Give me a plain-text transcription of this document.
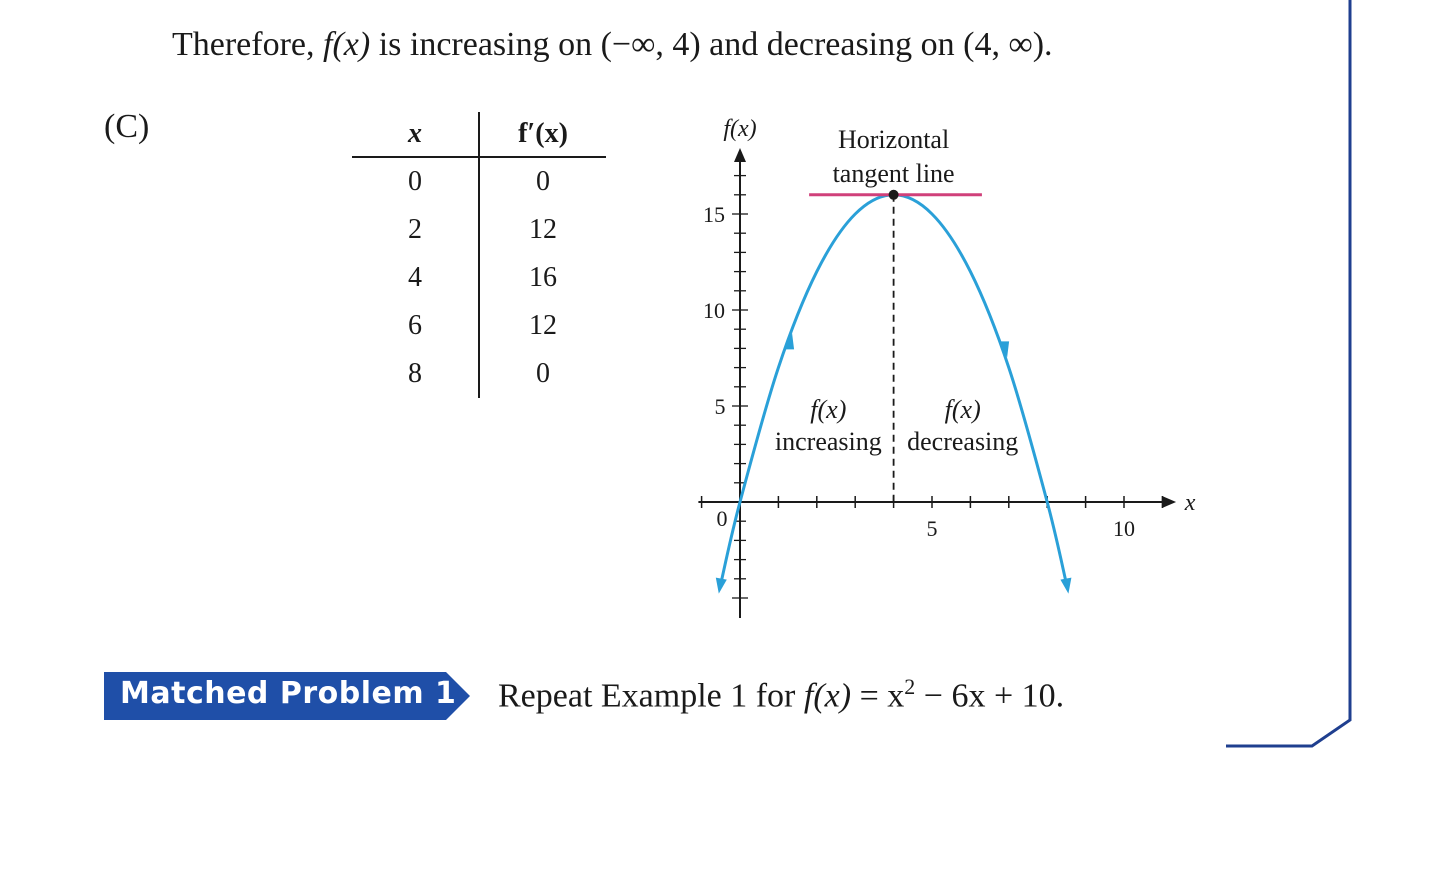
Therefore, f(x) is increasing on (−∞, 4) and decreasing on (4, ∞).
(C)	x	f′(x)
0	0
2	12
4	16
6	12
8	0
5	10
5
10
15
0
f(x)
x
Horizontal
tangent line
f(x)
increasing
f(x)
decreasing
Matched Problem 1 Repeat Example 1 for $f(x) = x^2 - 6x + 10$.
